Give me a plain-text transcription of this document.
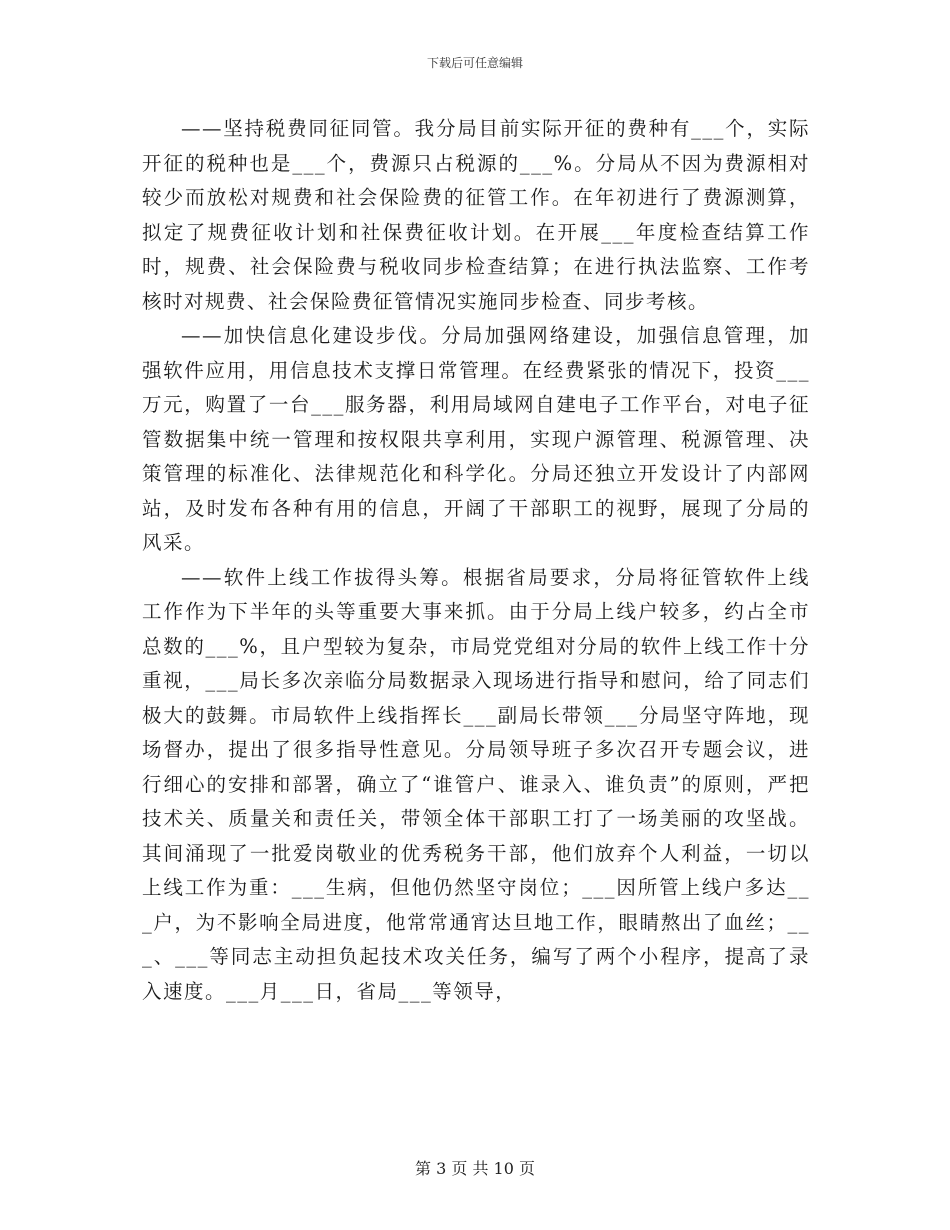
下载后可任意编辑

——坚持税费同征同管。我分局目前实际开征的费种有___个，实际开征的税种也是___个，费源只占税源的___%。分局从不因为费源相对较少而放松对规费和社会保险费的征管工作。在年初进行了费源测算，拟定了规费征收计划和社保费征收计划。在开展___年度检查结算工作时，规费、社会保险费与税收同步检查结算；在进行执法监察、工作考核时对规费、社会保险费征管情况实施同步检查、同步考核。

——加快信息化建设步伐。分局加强网络建设，加强信息管理，加强软件应用，用信息技术支撑日常管理。在经费紧张的情况下，投资___万元，购置了一台___服务器，利用局域网自建电子工作平台，对电子征管数据集中统一管理和按权限共享利用，实现户源管理、税源管理、决策管理的标准化、法律规范化和科学化。分局还独立开发设计了内部网站，及时发布各种有用的信息，开阔了干部职工的视野，展现了分局的风采。

——软件上线工作拔得头筹。根据省局要求，分局将征管软件上线工作作为下半年的头等重要大事来抓。由于分局上线户较多，约占全市总数的___%，且户型较为复杂，市局党党组对分局的软件上线工作十分重视，___局长多次亲临分局数据录入现场进行指导和慰问，给了同志们极大的鼓舞。市局软件上线指挥长___副局长带领___分局坚守阵地，现场督办，提出了很多指导性意见。分局领导班子多次召开专题会议，进行细心的安排和部署，确立了“谁管户、谁录入、谁负责”的原则，严把技术关、质量关和责任关，带领全体干部职工打了一场美丽的攻坚战。其间涌现了一批爱岗敬业的优秀税务干部，他们放弃个人利益，一切以上线工作为重：___生病，但他仍然坚守岗位；___因所管上线户多达___户，为不影响全局进度，他常常通宵达旦地工作，眼睛熬出了血丝；___、___等同志主动担负起技术攻关任务，编写了两个小程序，提高了录入速度。___月___日，省局___等领导，

第 3 页 共 10 页
